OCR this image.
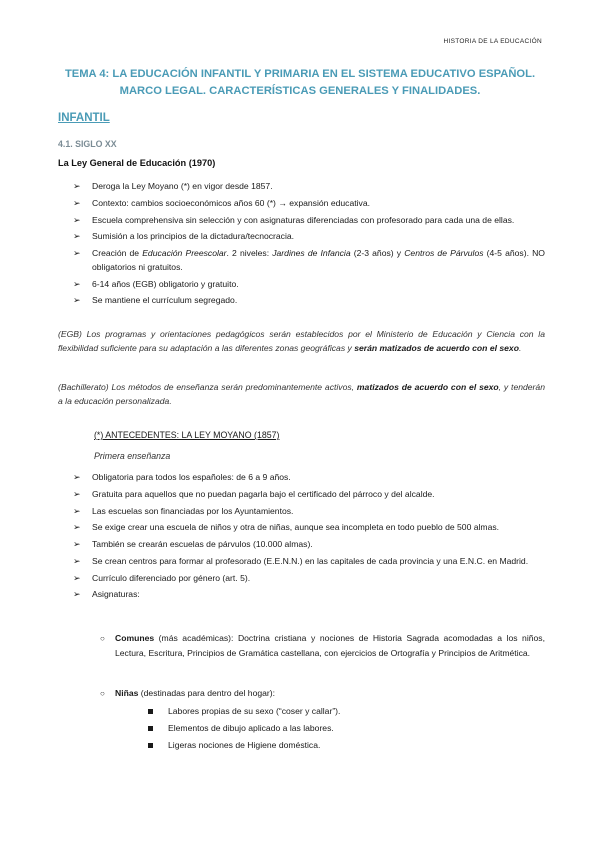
HISTORIA DE LA EDUCACIÓN
TEMA 4: LA EDUCACIÓN INFANTIL Y PRIMARIA EN EL SISTEMA EDUCATIVO ESPAÑOL.
MARCO LEGAL. CARACTERÍSTICAS GENERALES Y FINALIDADES.
INFANTIL
4.1. SIGLO XX
La Ley General de Educación (1970)
➢ Deroga la Ley Moyano (*) en vigor desde 1857.
➢ Contexto: cambios socioeconómicos años 60 (*) → expansión educativa.
➢ Escuela comprehensiva sin selección y con asignaturas diferenciadas con profesorado para cada una de ellas.
➢ Sumisión a los principios de la dictadura/tecnocracia.
➢ Creación de Educación Preescolar. 2 niveles: Jardines de Infancia (2-3 años) y Centros de Párvulos (4-5 años). NO obligatorios ni gratuitos.
➢ 6-14 años (EGB) obligatorio y gratuito.
➢ Se mantiene el currículum segregado.
(EGB) Los programas y orientaciones pedagógicos serán establecidos por el Ministerio de Educación y Ciencia con la flexibilidad suficiente para su adaptación a las diferentes zonas geográficas y serán matizados de acuerdo con el sexo.
(Bachillerato) Los métodos de enseñanza serán predominantemente activos, matizados de acuerdo con el sexo, y tenderán a la educación personalizada.
(*) ANTECEDENTES: LA LEY MOYANO (1857)
Primera enseñanza
➢ Obligatoria para todos los españoles: de 6 a 9 años.
➢ Gratuita para aquellos que no puedan pagarla bajo el certificado del párroco y del alcalde.
➢ Las escuelas son financiadas por los Ayuntamientos.
➢ Se exige crear una escuela de niños y otra de niñas, aunque sea incompleta en todo pueblo de 500 almas.
➢ También se crearán escuelas de párvulos (10.000 almas).
➢ Se crean centros para formar al profesorado (E.E.N.N.) en las capitales de cada provincia y una E.N.C. en Madrid.
➢ Currículo diferenciado por género (art. 5).
➢ Asignaturas:
○ Comunes (más académicas): Doctrina cristiana y nociones de Historia Sagrada acomodadas a los niños, Lectura, Escritura, Principios de Gramática castellana, con ejercicios de Ortografía y Principios de Aritmética.
○ Niñas (destinadas para dentro del hogar):
Labores propias de su sexo (“coser y callar”).
Elementos de dibujo aplicado a las labores.
Ligeras nociones de Higiene doméstica.
